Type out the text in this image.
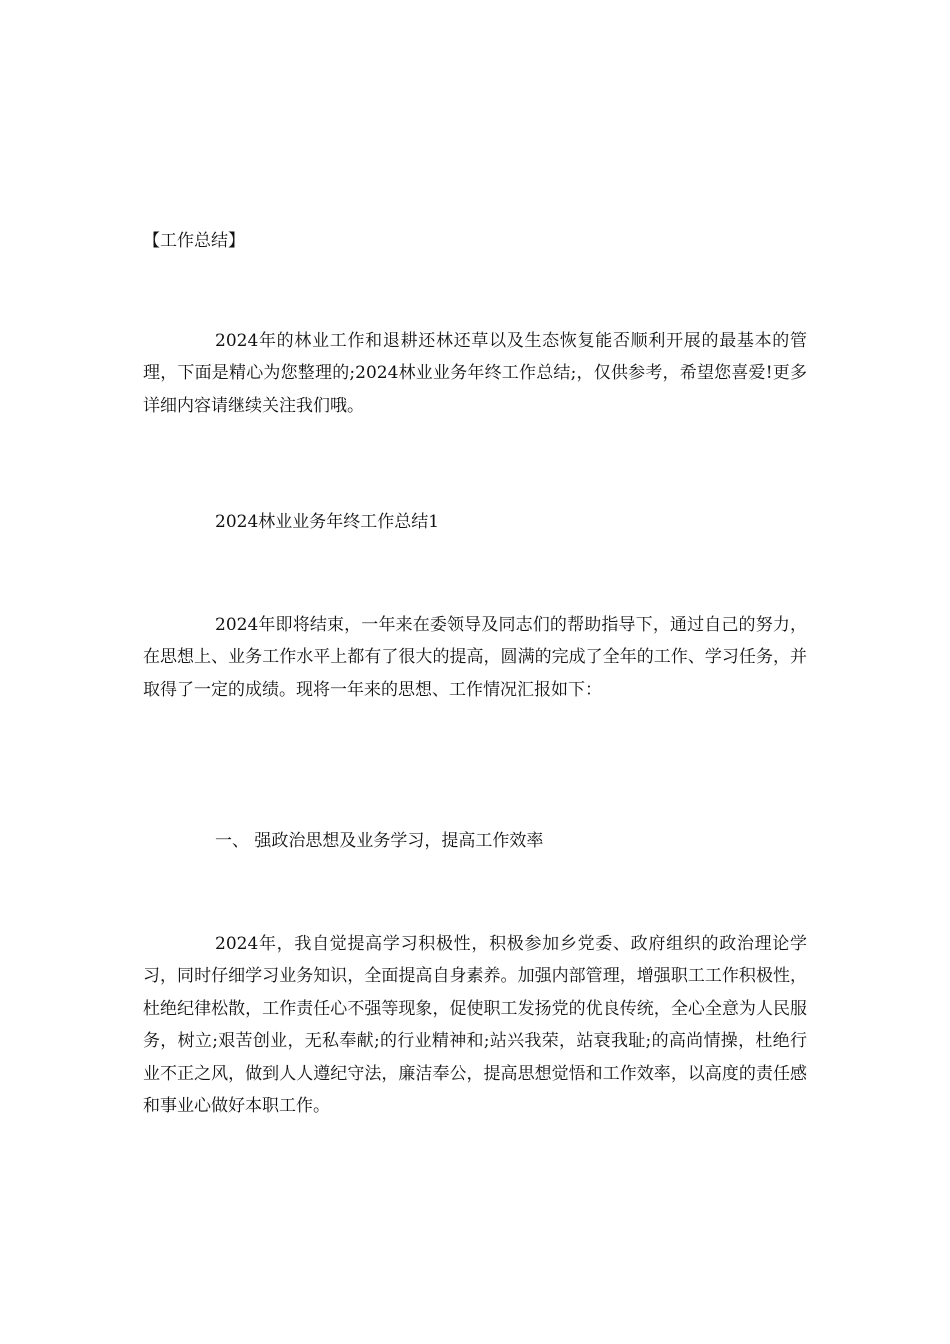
【工作总结】

2024年的林业工作和退耕还林还草以及生态恢复能否顺利开展的最基本的管理，下面是精心为您整理的;2024林业业务年终工作总结;，仅供参考，希望您喜爱!更多详细内容请继续关注我们哦。

2024林业业务年终工作总结1

2024年即将结束，一年来在委领导及同志们的帮助指导下，通过自己的努力，在思想上、业务工作水平上都有了很大的提高，圆满的完成了全年的工作、学习任务，并取得了一定的成绩。现将一年来的思想、工作情况汇报如下：

一、 强政治思想及业务学习，提高工作效率

2024年，我自觉提高学习积极性，积极参加乡党委、政府组织的政治理论学习，同时仔细学习业务知识，全面提高自身素养。加强内部管理，增强职工工作积极性，杜绝纪律松散，工作责任心不强等现象，促使职工发扬党的优良传统，全心全意为人民服务，树立;艰苦创业，无私奉献;的行业精神和;站兴我荣，站衰我耻;的高尚情操，杜绝行业不正之风，做到人人遵纪守法，廉洁奉公，提高思想觉悟和工作效率，以高度的责任感和事业心做好本职工作。
